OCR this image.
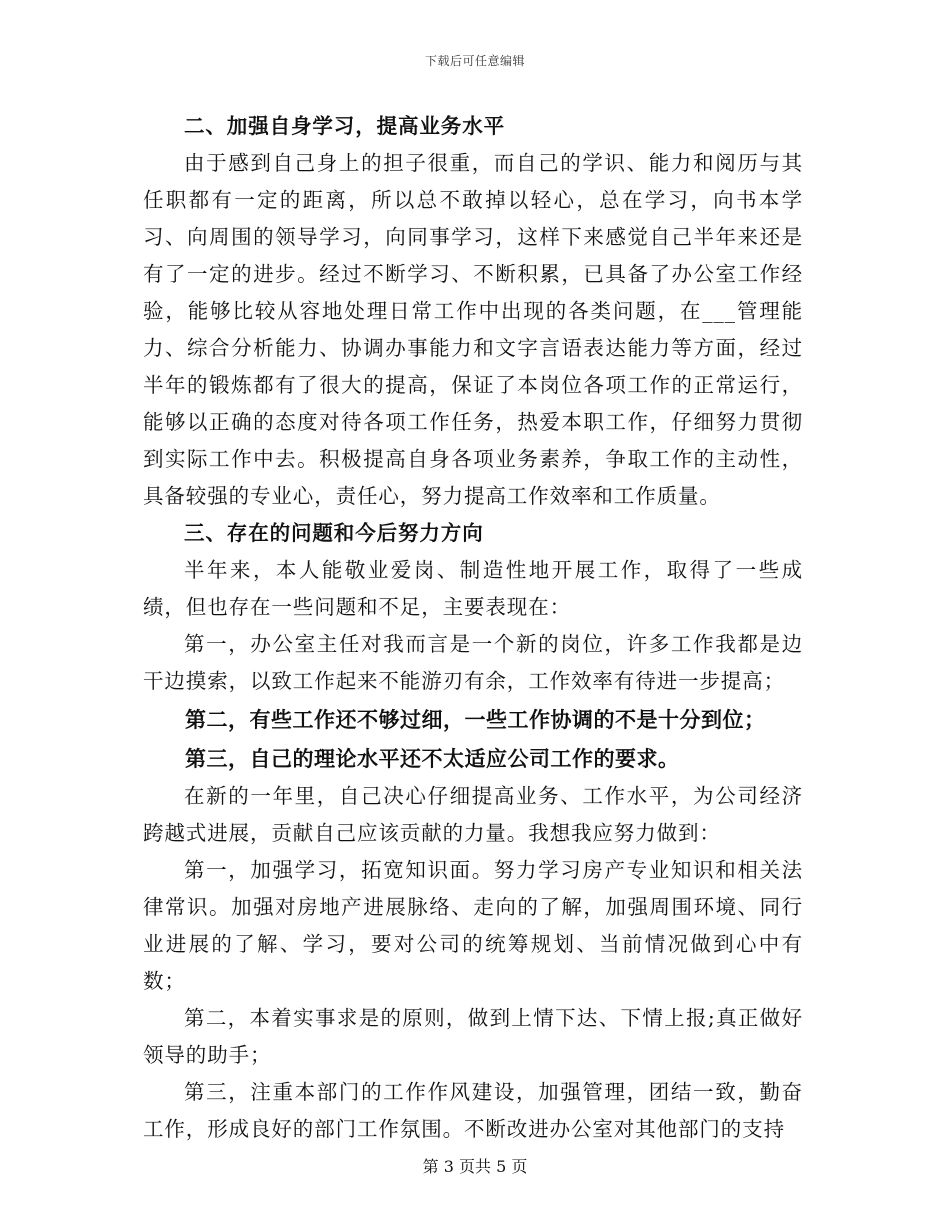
下载后可任意编辑

二、加强自身学习，提高业务水平

由于感到自己身上的担子很重，而自己的学识、能力和阅历与其任职都有一定的距离，所以总不敢掉以轻心，总在学习，向书本学习、向周围的领导学习，向同事学习，这样下来感觉自己半年来还是有了一定的进步。经过不断学习、不断积累，已具备了办公室工作经验，能够比较从容地处理日常工作中出现的各类问题，在___管理能力、综合分析能力、协调办事能力和文字言语表达能力等方面，经过半年的锻炼都有了很大的提高，保证了本岗位各项工作的正常运行，能够以正确的态度对待各项工作任务，热爱本职工作，仔细努力贯彻到实际工作中去。积极提高自身各项业务素养，争取工作的主动性，具备较强的专业心，责任心，努力提高工作效率和工作质量。

三、存在的问题和今后努力方向

半年来，本人能敬业爱岗、制造性地开展工作，取得了一些成绩，但也存在一些问题和不足，主要表现在：

第一，办公室主任对我而言是一个新的岗位，许多工作我都是边干边摸索，以致工作起来不能游刃有余，工作效率有待进一步提高；

第二，有些工作还不够过细，一些工作协调的不是十分到位；

第三，自己的理论水平还不太适应公司工作的要求。

在新的一年里，自己决心仔细提高业务、工作水平，为公司经济跨越式进展，贡献自己应该贡献的力量。我想我应努力做到：

第一，加强学习，拓宽知识面。努力学习房产专业知识和相关法律常识。加强对房地产进展脉络、走向的了解，加强周围环境、同行业进展的了解、学习，要对公司的统筹规划、当前情况做到心中有数；

第二，本着实事求是的原则，做到上情下达、下情上报;真正做好领导的助手；

第三，注重本部门的工作作风建设，加强管理，团结一致，勤奋工作，形成良好的部门工作氛围。不断改进办公室对其他部门的支持

第 3 页共 5 页
